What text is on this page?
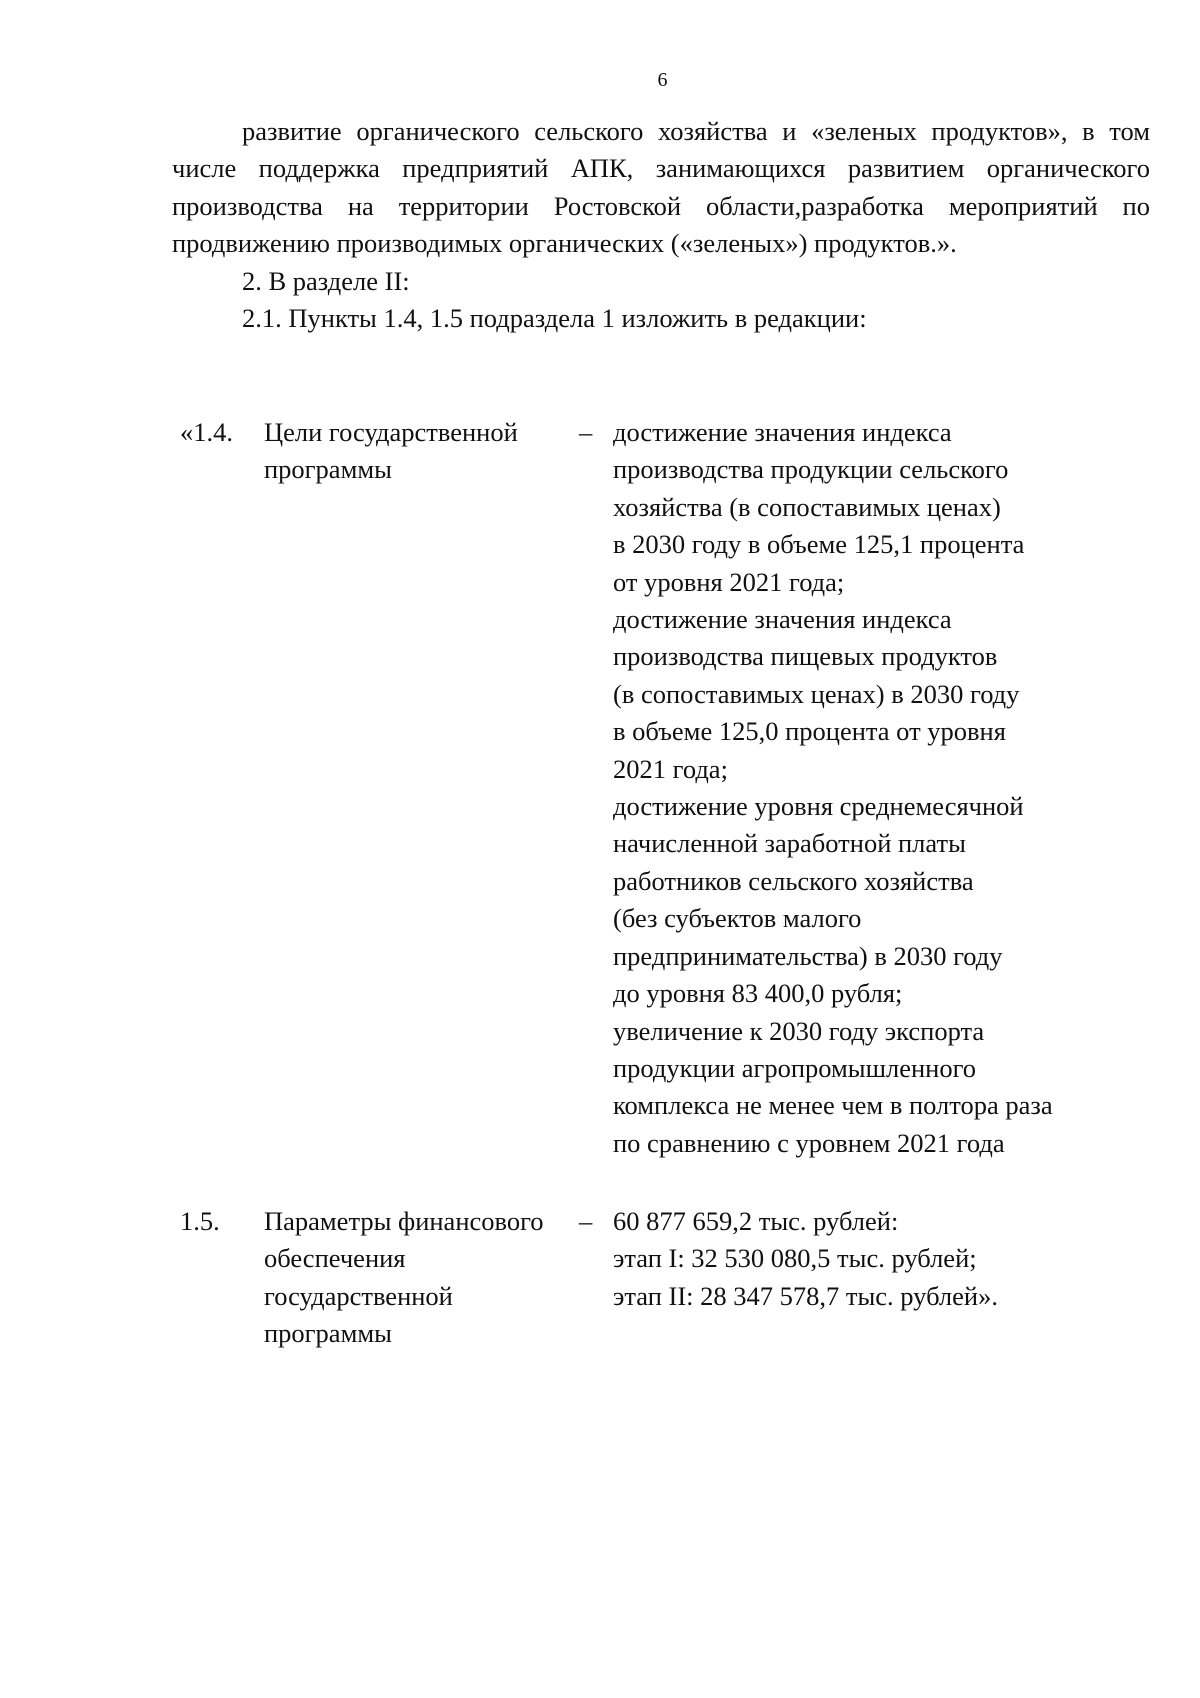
6

развитие органического сельского хозяйства и «зеленых продуктов», в том числе поддержка предприятий АПК, занимающихся развитием органического производства на территории Ростовской области,разработка мероприятий по продвижению производимых органических («зеленых») продуктов.».

2. В разделе II:

2.1. Пункты 1.4, 1.5 подраздела 1 изложить в редакции:

«1.4.	Цели государственной
программы
– достижение значения индекса
производства продукции сельского
хозяйства (в сопоставимых ценах)
в 2030 году в объеме 125,1 процента
от уровня 2021 года;
достижение значения индекса
производства пищевых продуктов
(в сопоставимых ценах) в 2030 году
в объеме 125,0 процента от уровня
2021 года;
достижение уровня среднемесячной
начисленной заработной платы
работников сельского хозяйства
(без субъектов малого
предпринимательства) в 2030 году
до уровня 83 400,0 рубля;
увеличение к 2030 году экспорта
продукции агропромышленного
комплекса не менее чем в полтора раза
по сравнению с уровнем 2021 года
1.5.	Параметры финансового
обеспечения
государственной
программы
– 60 877 659,2 тыс. рублей:
этап I: 32 530 080,5 тыс. рублей;
этап II: 28 347 578,7 тыс. рублей».
